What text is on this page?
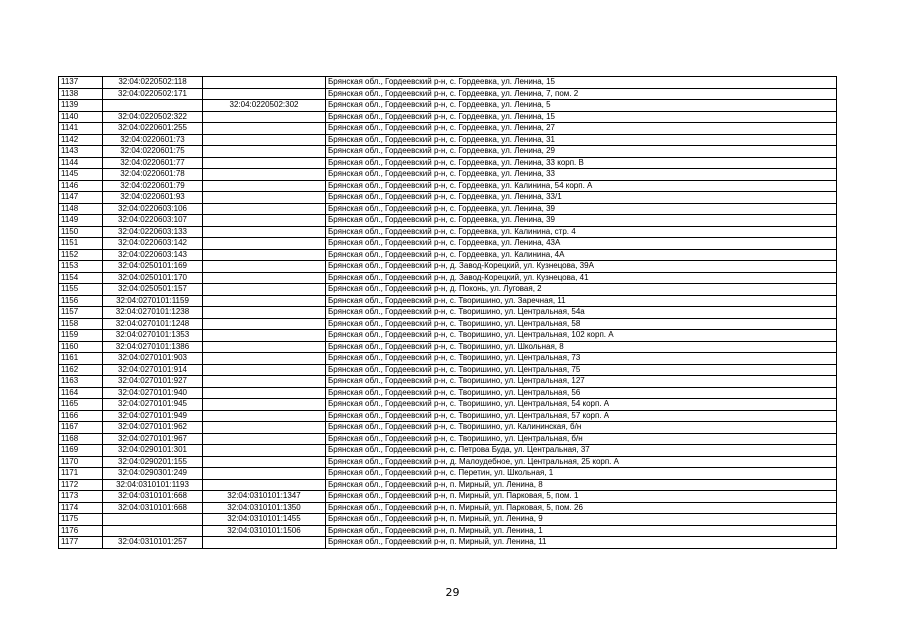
1137	32:04:0220502:118		Брянская обл., Гордеевский р-н, с. Гордеевка, ул. Ленина, 15
1138	32:04:0220502:171		Брянская обл., Гордеевский р-н, с. Гордеевка, ул. Ленина, 7, пом. 2
1139		32:04:0220502:302	Брянская обл., Гордеевский р-н, с. Гордеевка, ул. Ленина, 5
1140	32:04:0220502:322		Брянская обл., Гордеевский р-н, с. Гордеевка, ул. Ленина, 15
1141	32:04:0220601:255		Брянская обл., Гордеевский р-н, с. Гордеевка, ул. Ленина, 27
1142	32:04:0220601:73		Брянская обл., Гордеевский р-н, с. Гордеевка, ул. Ленина, 31
1143	32:04:0220601:75		Брянская обл., Гордеевский р-н, с. Гордеевка, ул. Ленина, 29
1144	32:04:0220601:77		Брянская обл., Гордеевский р-н, с. Гордеевка, ул. Ленина, 33 корп. В
1145	32:04:0220601:78		Брянская обл., Гордеевский р-н, с. Гордеевка, ул. Ленина, 33
1146	32:04:0220601:79		Брянская обл., Гордеевский р-н, с. Гордеевка, ул. Калинина, 54 корп. А
1147	32:04:0220601:93		Брянская обл., Гордеевский р-н, с. Гордеевка, ул. Ленина, 33/1
1148	32:04:0220603:106		Брянская обл., Гордеевский р-н, с. Гордеевка, ул. Ленина, 39
1149	32:04:0220603:107		Брянская обл., Гордеевский р-н, с. Гордеевка, ул. Ленина, 39
1150	32:04:0220603:133		Брянская обл., Гордеевский р-н, с. Гордеевка, ул. Калинина, стр. 4
1151	32:04:0220603:142		Брянская обл., Гордеевский р-н, с. Гордеевка, ул. Ленина, 43А
1152	32:04:0220603:143		Брянская обл., Гордеевский р-н, с. Гордеевка, ул. Калинина, 4А
1153	32:04:0250101:169		Брянская обл., Гордеевский р-н, д. Завод-Корецкий, ул. Кузнецова, 39А
1154	32:04:0250101:170		Брянская обл., Гордеевский р-н, д. Завод-Корецкий, ул. Кузнецова, 41
1155	32:04:0250501:157		Брянская обл., Гордеевский р-н, д. Поконь, ул. Луговая, 2
1156	32:04:0270101:1159		Брянская обл., Гордеевский р-н, с. Творишино, ул. Заречная, 11
1157	32:04:0270101:1238		Брянская обл., Гордеевский р-н, с. Творишино, ул. Центральная, 54а
1158	32:04:0270101:1248		Брянская обл., Гордеевский р-н, с. Творишино, ул. Центральная, 58
1159	32:04:0270101:1353		Брянская обл., Гордеевский р-н, с. Творишино, ул. Центральная, 102 корп. А
1160	32:04:0270101:1386		Брянская обл., Гордеевский р-н, с. Творишино, ул. Школьная, 8
1161	32:04:0270101:903		Брянская обл., Гордеевский р-н, с. Творишино, ул. Центральная, 73
1162	32:04:0270101:914		Брянская обл., Гордеевский р-н, с. Творишино, ул. Центральная, 75
1163	32:04:0270101:927		Брянская обл., Гордеевский р-н, с. Творишино, ул. Центральная, 127
1164	32:04:0270101:940		Брянская обл., Гордеевский р-н, с. Творишино, ул. Центральная, 56
1165	32:04:0270101:945		Брянская обл., Гордеевский р-н, с. Творишино, ул. Центральная, 54 корп. А
1166	32:04:0270101:949		Брянская обл., Гордеевский р-н, с. Творишино, ул. Центральная, 57 корп. А
1167	32:04:0270101:962		Брянская обл., Гордеевский р-н, с. Творишино, ул. Калининская, б/н
1168	32:04:0270101:967		Брянская обл., Гордеевский р-н, с. Творишино, ул. Центральная, б/н
1169	32:04:0290101:301		Брянская обл., Гордеевский р-н, с. Петрова Буда, ул. Центральная, 37
1170	32:04:0290201:155		Брянская обл., Гордеевский р-н, д. Малоудебное, ул. Центральная, 25 корп. А
1171	32:04:0290301:249		Брянская обл., Гордеевский р-н, с. Перетин, ул. Школьная, 1
1172	32:04:0310101:1193		Брянская обл., Гордеевский р-н, п. Мирный, ул. Ленина, 8
1173	32:04:0310101:668	32:04:0310101:1347	Брянская обл., Гордеевский р-н, п. Мирный, ул. Парковая, 5, пом. 1
1174	32:04:0310101:668	32:04:0310101:1350	Брянская обл., Гордеевский р-н, п. Мирный, ул. Парковая, 5, пом. 26
1175		32:04:0310101:1455	Брянская обл., Гордеевский р-н, п. Мирный, ул. Ленина, 9
1176		32:04:0310101:1506	Брянская обл., Гордеевский р-н, п. Мирный, ул. Ленина, 1
1177	32:04:0310101:257		Брянская обл., Гордеевский р-н, п. Мирный, ул. Ленина, 11
29
